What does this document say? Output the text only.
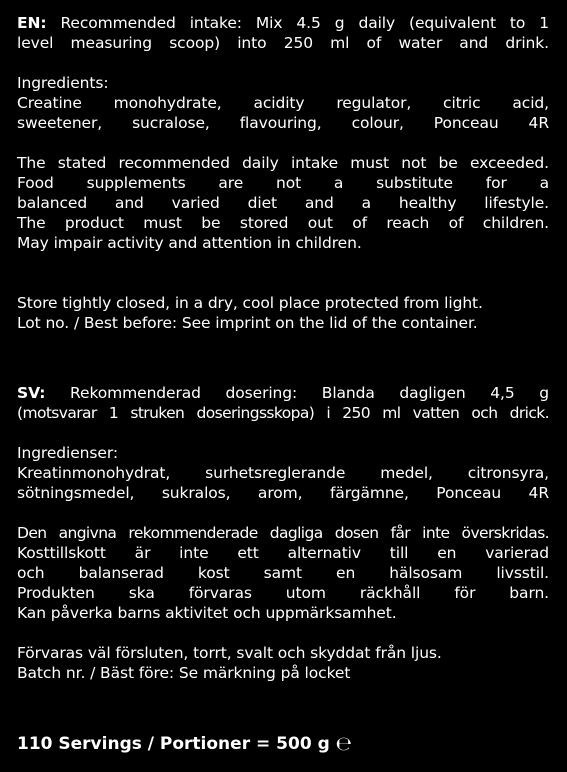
EN: Recommended intake: Mix 4.5 g daily (equivalent to 1
level measuring scoop) into 250 ml of water and drink.
Ingredients:
Creatine monohydrate, acidity regulator, citric acid,
sweetener, sucralose, flavouring, colour, Ponceau 4R
The stated recommended daily intake must not be exceeded.
Food supplements are not a substitute for a
balanced and varied diet and a healthy lifestyle.
The product must be stored out of reach of children.
May impair activity and attention in children.
Store tightly closed, in a dry, cool place protected from light.
Lot no. / Best before: See imprint on the lid of the container.
SV: Rekommenderad dosering: Blanda dagligen 4,5 g
(motsvarar 1 struken doseringsskopa) i 250 ml vatten och drick.
Ingredienser:
Kreatinmonohydrat, surhetsreglerande medel, citronsyra,
sötningsmedel, sukralos, arom, färgämne, Ponceau 4R
Den angivna rekommenderade dagliga dosen får inte överskridas.
Kosttillskott är inte ett alternativ till en varierad
och balanserad kost samt en hälsosam livsstil.
Produkten ska förvaras utom räckhåll för barn.
Kan påverka barns aktivitet och uppmärksamhet.
Förvaras väl försluten, torrt, svalt och skyddat från ljus.
Batch nr. / Bäst före: Se märkning på locket
110 Servings / Portioner = 500 g ℮
